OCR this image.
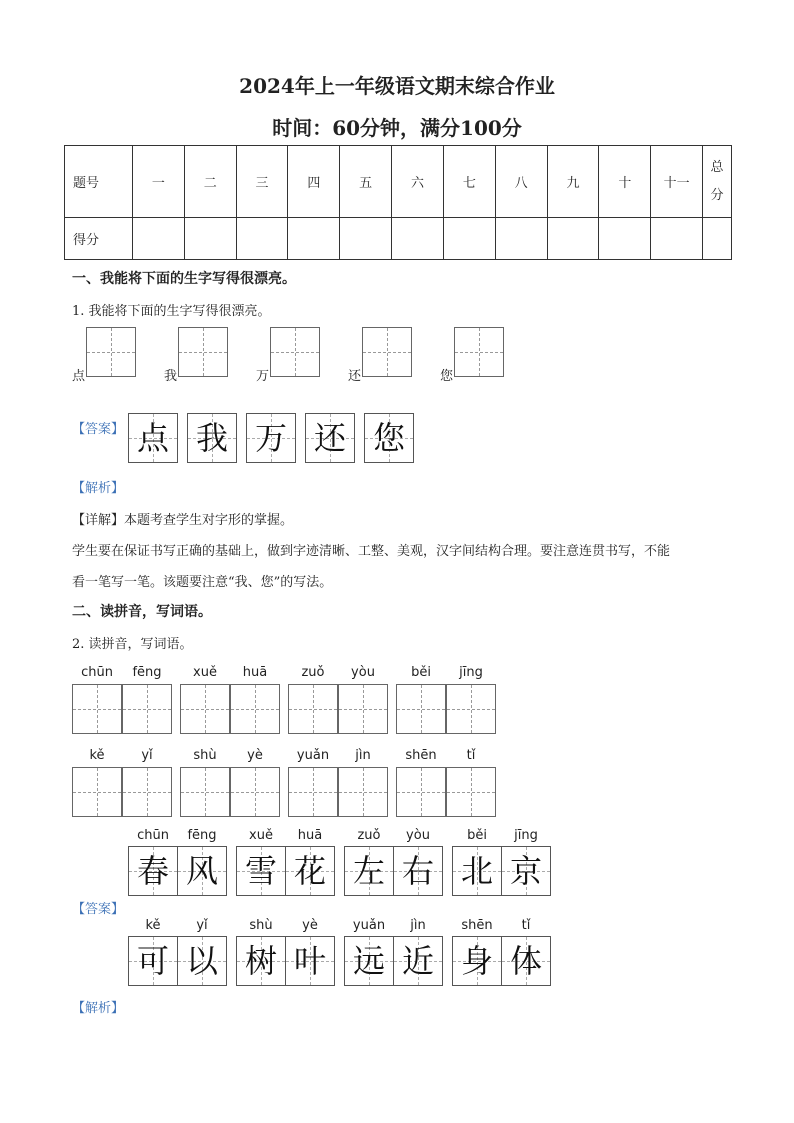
2024年上一年级语文期末综合作业
时间：60分钟，满分100分
题号	一	二	三	四	五	六	七	八	九	十	十一	总
分

得分												
一、我能将下面的生字写得很漂亮。
1. 我能将下面的生字写得很漂亮。
点	我	万	还	您
【答案】 点 我 万 还 您
【解析】
【详解】本题考查学生对字形的掌握。
学生要在保证书写正确的基础上，做到字迹清晰、工整、美观，汉字间结构合理。要注意连贯书写，不能
看一笔写一笔。该题要注意“我、您”的写法。
二、读拼音，写词语。
2. 读拼音，写词语。
chūn	fēng	xuě	huā	zuǒ	yòu	běi	jīng
kě	yǐ	shù	yè	yuǎn	jìn	shēn	tǐ
chūn	fēng	xuě	huā	zuǒ	yòu	běi	jīng
春 风 雪 花 左 右 北 京
【答案】
kě	yǐ	shù	yè	yuǎn	jìn	shēn	tǐ
可 以 树 叶 远 近 身 体
【解析】
